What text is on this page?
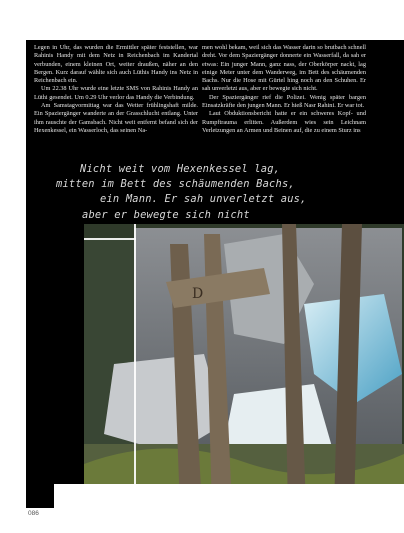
Legen in Uhr, das wurden die Ermittler später feststellen, war Rahinis Handy mit dem Netz in Reichenbach im Kandertal verbunden, einem kleinen Ort, weiter draußen, näher an den Bergen. Kurz darauf wählte sich auch Lüthis Handy ins Netz in Reichenbach ein.

Um 22.38 Uhr wurde eine letzte SMS von Rahinis Handy an Lüthi gesendet. Um 0.29 Uhr verlor das Handy die Verbindung.

Am Samstagvormittag war das Wetter frühlingshaft milde. Ein Spaziergänger wanderte an der Grasschlucht entlang. Unter ihm rauschte der Gamsbach. Nicht weit entfernt befand sich der Hexenkessel, ein Wasserloch, das seinen Na-

men wohl bekam, weil sich das Wasser darin so brutbach schnell dreht. Vor dem Spaziergänger donnerte ein Wasserfall, da sah er etwas: Ein junger Mann, ganz nass, der Oberkörper nackt, lag einige Meter unter dem Wanderweg, im Bett des schäumenden Bachs. Nur die Hose mit Gürtel hing noch an den Schuhen. Er sah unverletzt aus, aber er bewegte sich nicht.

Der Spaziergänger rief die Polizei. Wenig später bargen Einsatzkräfte den jungen Mann. Er hieß Nasr Rahini. Er war tot.

Laut Obduktionsbericht hatte er ein schweres Kopf- und Rumpftrauma erlitten. Außerdem wies sein Leichnam Verletzungen an Armen und Beinen auf, die zu einem Sturz ins

Nicht weit vom Hexenkessel lag,
mitten im Bett des schäumenden Bachs,
ein Mann. Er sah unverletzt aus,
aber er bewegte sich nicht
D
086
